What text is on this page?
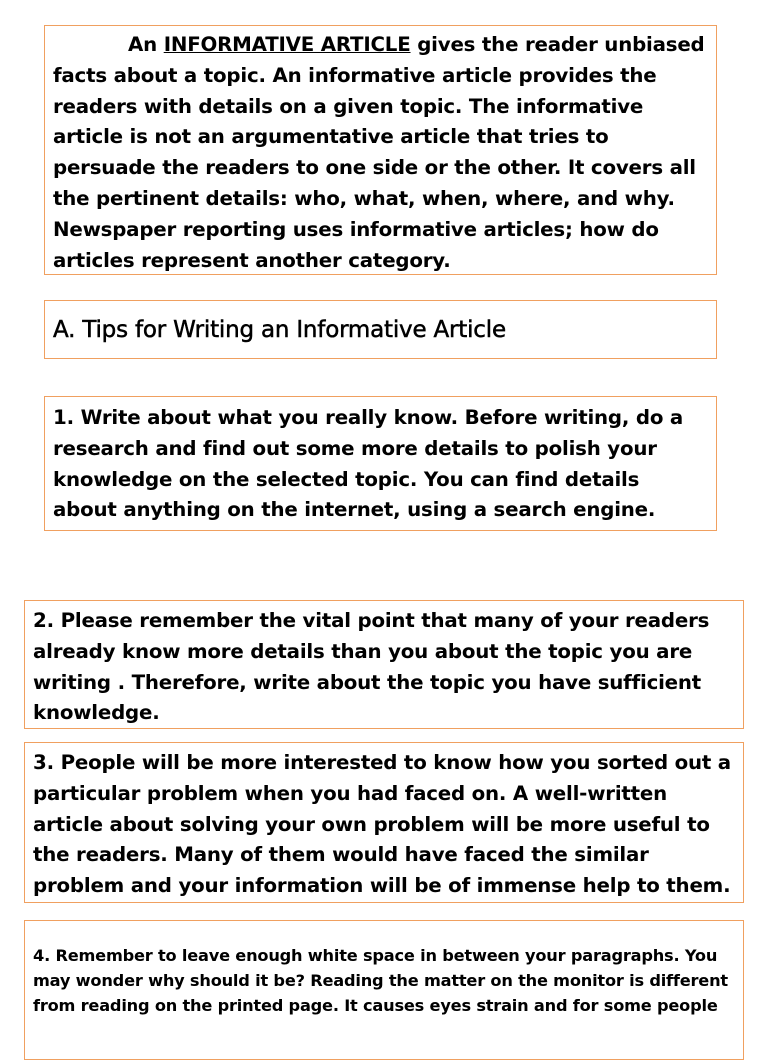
An INFORMATIVE ARTICLE gives the reader unbiased facts about a topic. An informative article provides the readers with details on a given topic. The informative article is not an argumentative article that tries to persuade the readers to one side or the other. It covers all the pertinent details: who, what, when, where, and why. Newspaper reporting uses informative articles; how do articles represent another category.
A. Tips for Writing an Informative Article
1. Write about what you really know. Before writing, do a research and find out some more details to polish your knowledge on the selected topic. You can find details about anything on the internet, using a search engine.
2. Please remember the vital point that many of your readers already know more details than you about the topic you are writing . Therefore, write about the topic you have sufficient knowledge.
3. People will be more interested to know how you sorted out a particular problem when you had faced on. A well-written article about solving your own problem will be more useful to the readers. Many of them would have faced the similar problem and your information will be of immense help to them.
4. Remember to leave enough white space in between your paragraphs. You may wonder why should it be? Reading the matter on the monitor is different from reading on the printed page. It causes eyes strain and for some people
